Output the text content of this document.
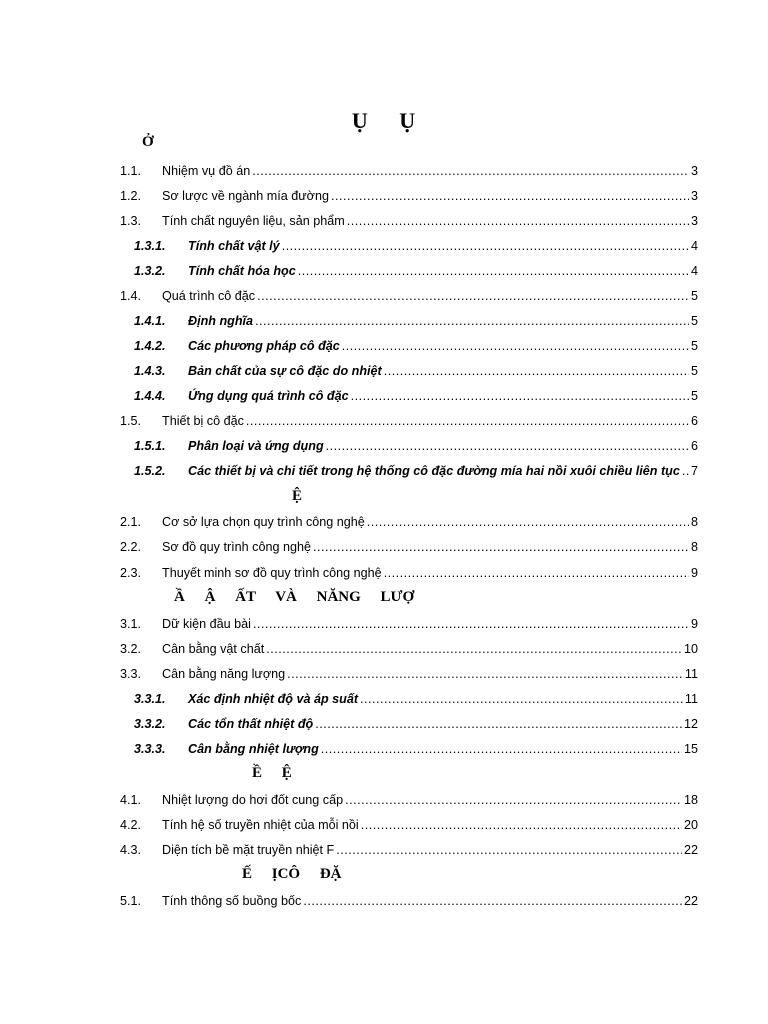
Ụ Ụ
Ở
1.1.	Nhiệm vụ đồ án .....	3
1.2.	Sơ lược về ngành mía đường .....	3
1.3.	Tính chất nguyên liệu, sản phẩm .....	3
1.3.1.	Tính chất vật lý .....	4
1.3.2.	Tính chất hóa học .....	4
1.4.	Quá trình cô đặc .....	5
1.4.1.	Định nghĩa .....	5
1.4.2.	Các phương pháp cô đặc .....	5
1.4.3.	Bản chất của sự cô đặc do nhiệt .....	5
1.4.4.	Ứng dụng quá trình cô đặc .....	5
1.5.	Thiết bị cô đặc .....	6
1.5.1.	Phân loại và ứng dụng .....	6
1.5.2.	Các thiết bị và chi tiết trong hệ thống cô đặc đường mía hai nồi xuôi chiều liên tục ..... 7
Ệ
2.1.	Cơ sở lựa chọn quy trình công nghệ .....	8
2.2.	Sơ đồ quy trình công nghệ .....	8
2.3.	Thuyết minh sơ đồ quy trình công nghệ .....	9
Ầ Ậ ẤT VÀ NĂNG LƯỢ
3.1.	Dữ kiện đầu bài .....	9
3.2.	Cân bằng vật chất .....	10
3.3.	Cân bằng năng lượng .....	11
3.3.1.	Xác định nhiệt độ và áp suất .....	11
3.3.2.	Các tổn thất nhiệt độ .....	12
3.3.3.	Cân bằng nhiệt lượng .....	15
Ề Ệ
4.1.	Nhiệt lượng do hơi đốt cung cấp .....	18
4.2.	Tính hệ số truyền nhiệt của mỗi nồi .....	20
4.3.	Diện tích bề mặt truyền nhiệt F .....	22
Ế ỊCÔ ĐẶ
5.1.	Tính thông số buồng bốc .....	22
